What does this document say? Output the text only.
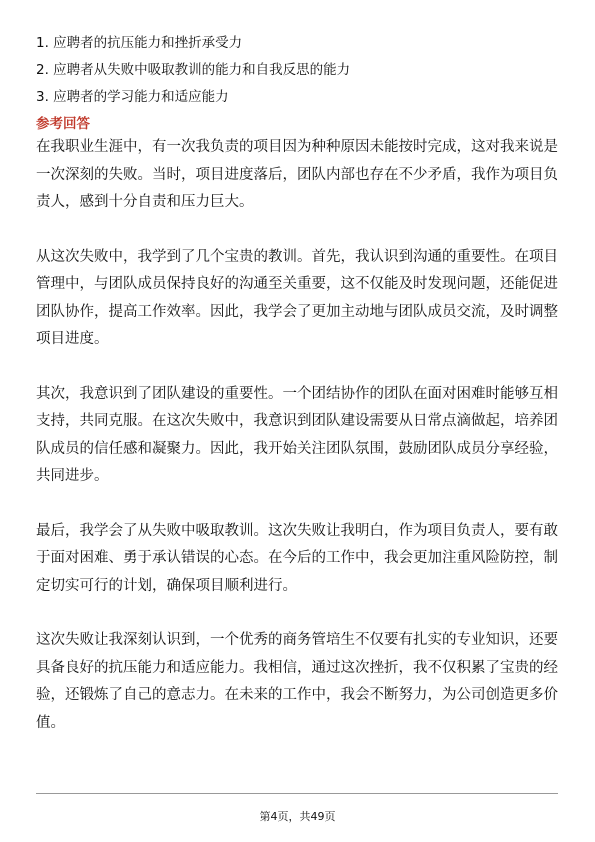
1. 应聘者的抗压能力和挫折承受力
2. 应聘者从失败中吸取教训的能力和自我反思的能力
3. 应聘者的学习能力和适应能力
参考回答

在我职业生涯中，有一次我负责的项目因为种种原因未能按时完成，这对我来说是一次深刻的失败。当时，项目进度落后，团队内部也存在不少矛盾，我作为项目负责人，感到十分自责和压力巨大。

从这次失败中，我学到了几个宝贵的教训。首先，我认识到沟通的重要性。在项目管理中，与团队成员保持良好的沟通至关重要，这不仅能及时发现问题，还能促进团队协作，提高工作效率。因此，我学会了更加主动地与团队成员交流，及时调整项目进度。

其次，我意识到了团队建设的重要性。一个团结协作的团队在面对困难时能够互相支持，共同克服。在这次失败中，我意识到团队建设需要从日常点滴做起，培养团队成员的信任感和凝聚力。因此，我开始关注团队氛围，鼓励团队成员分享经验，共同进步。

最后，我学会了从失败中吸取教训。这次失败让我明白，作为项目负责人，要有敢于面对困难、勇于承认错误的心态。在今后的工作中，我会更加注重风险防控，制定切实可行的计划，确保项目顺利进行。

这次失败让我深刻认识到，一个优秀的商务管培生不仅要有扎实的专业知识，还要具备良好的抗压能力和适应能力。我相信，通过这次挫折，我不仅积累了宝贵的经验，还锻炼了自己的意志力。在未来的工作中，我会不断努力，为公司创造更多价值。

第4页，共49页
